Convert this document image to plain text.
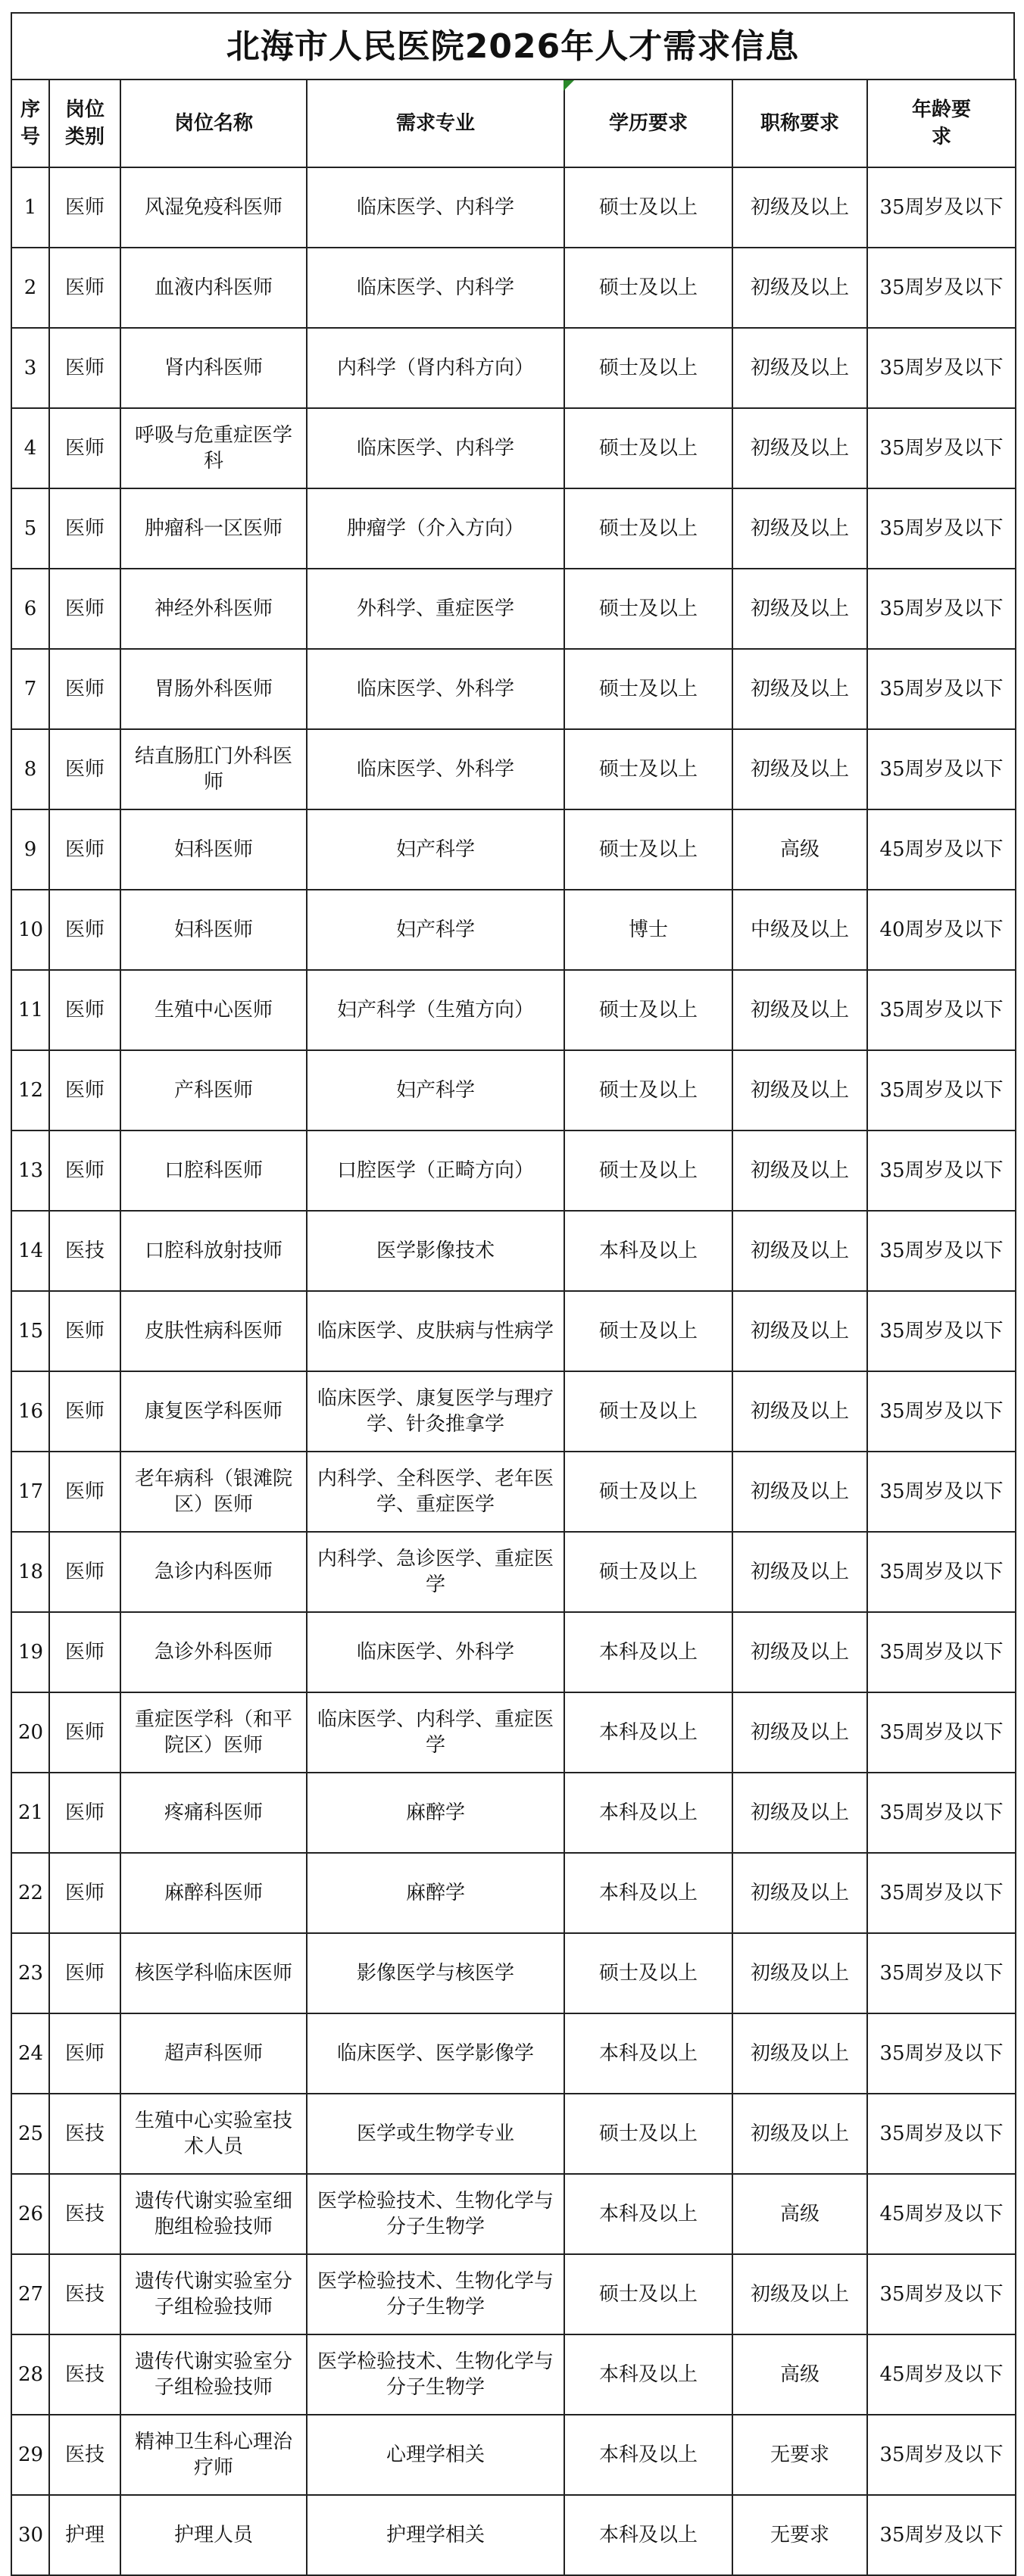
北海市人民医院2026年人才需求信息
序号	岗位类别	岗位名称	需求专业	学历要求	职称要求	年龄要求
1	医师	风湿免疫科医师	临床医学、内科学	硕士及以上	初级及以上	35周岁及以下
2	医师	血液内科医师	临床医学、内科学	硕士及以上	初级及以上	35周岁及以下
3	医师	肾内科医师	内科学（肾内科方向）	硕士及以上	初级及以上	35周岁及以下
4	医师	呼吸与危重症医学科	临床医学、内科学	硕士及以上	初级及以上	35周岁及以下
5	医师	肿瘤科一区医师	肿瘤学（介入方向）	硕士及以上	初级及以上	35周岁及以下
6	医师	神经外科医师	外科学、重症医学	硕士及以上	初级及以上	35周岁及以下
7	医师	胃肠外科医师	临床医学、外科学	硕士及以上	初级及以上	35周岁及以下
8	医师	结直肠肛门外科医师	临床医学、外科学	硕士及以上	初级及以上	35周岁及以下
9	医师	妇科医师	妇产科学	硕士及以上	高级	45周岁及以下
10	医师	妇科医师	妇产科学	博士	中级及以上	40周岁及以下
11	医师	生殖中心医师	妇产科学（生殖方向）	硕士及以上	初级及以上	35周岁及以下
12	医师	产科医师	妇产科学	硕士及以上	初级及以上	35周岁及以下
13	医师	口腔科医师	口腔医学（正畸方向）	硕士及以上	初级及以上	35周岁及以下
14	医技	口腔科放射技师	医学影像技术	本科及以上	初级及以上	35周岁及以下
15	医师	皮肤性病科医师	临床医学、皮肤病与性病学	硕士及以上	初级及以上	35周岁及以下
16	医师	康复医学科医师	临床医学、康复医学与理疗学、针灸推拿学	硕士及以上	初级及以上	35周岁及以下
17	医师	老年病科（银滩院区）医师	内科学、全科医学、老年医学、重症医学	硕士及以上	初级及以上	35周岁及以下
18	医师	急诊内科医师	内科学、急诊医学、重症医学	硕士及以上	初级及以上	35周岁及以下
19	医师	急诊外科医师	临床医学、外科学	本科及以上	初级及以上	35周岁及以下
20	医师	重症医学科（和平院区）医师	临床医学、内科学、重症医学	本科及以上	初级及以上	35周岁及以下
21	医师	疼痛科医师	麻醉学	本科及以上	初级及以上	35周岁及以下
22	医师	麻醉科医师	麻醉学	本科及以上	初级及以上	35周岁及以下
23	医师	核医学科临床医师	影像医学与核医学	硕士及以上	初级及以上	35周岁及以下
24	医师	超声科医师	临床医学、医学影像学	本科及以上	初级及以上	35周岁及以下
25	医技	生殖中心实验室技术人员	医学或生物学专业	硕士及以上	初级及以上	35周岁及以下
26	医技	遗传代谢实验室细胞组检验技师	医学检验技术、生物化学与分子生物学	本科及以上	高级	45周岁及以下
27	医技	遗传代谢实验室分子组检验技师	医学检验技术、生物化学与分子生物学	硕士及以上	初级及以上	35周岁及以下
28	医技	遗传代谢实验室分子组检验技师	医学检验技术、生物化学与分子生物学	本科及以上	高级	45周岁及以下
29	医技	精神卫生科心理治疗师	心理学相关	本科及以上	无要求	35周岁及以下
30	护理	护理人员	护理学相关	本科及以上	无要求	35周岁及以下
